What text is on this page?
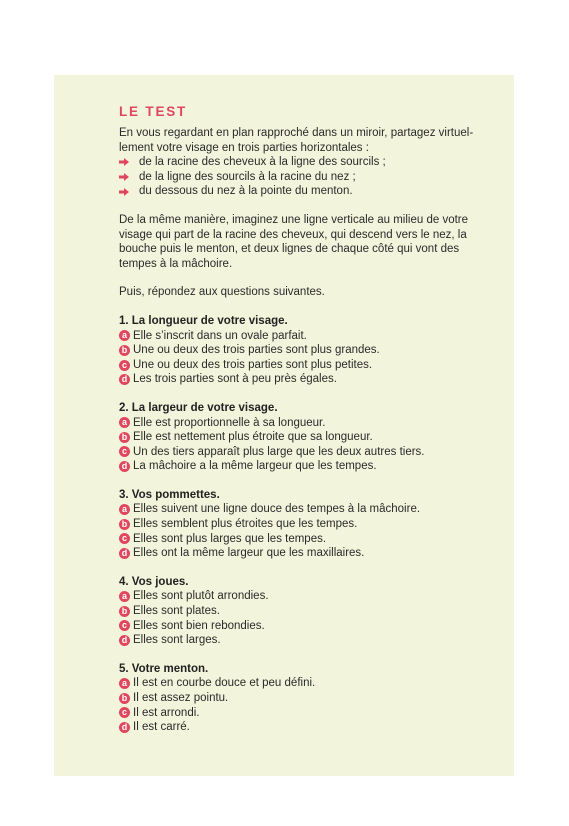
LE TEST

En vous regardant en plan rapproché dans un miroir, partagez virtuellement votre visage en trois parties horizontales :

de la racine des cheveux à la ligne des sourcils ;
de la ligne des sourcils à la racine du nez ;
du dessous du nez à la pointe du menton.

De la même manière, imaginez une ligne verticale au milieu de votre visage qui part de la racine des cheveux, qui descend vers le nez, la bouche puis le menton, et deux lignes de chaque côté qui vont des tempes à la mâchoire.

Puis, répondez aux questions suivantes.

1. La longueur de votre visage.
a Elle s’inscrit dans un ovale parfait.
b Une ou deux des trois parties sont plus grandes.
c Une ou deux des trois parties sont plus petites.
d Les trois parties sont à peu près égales.
2. La largeur de votre visage.
a Elle est proportionnelle à sa longueur.
b Elle est nettement plus étroite que sa longueur.
c Un des tiers apparaît plus large que les deux autres tiers.
d La mâchoire a la même largeur que les tempes.
3. Vos pommettes.
a Elles suivent une ligne douce des tempes à la mâchoire.
b Elles semblent plus étroites que les tempes.
c Elles sont plus larges que les tempes.
d Elles ont la même largeur que les maxillaires.
4. Vos joues.
a Elles sont plutôt arrondies.
b Elles sont plates.
c Elles sont bien rebondies.
d Elles sont larges.
5. Votre menton.
a Il est en courbe douce et peu défini.
b Il est assez pointu.
c Il est arrondi.
d Il est carré.
